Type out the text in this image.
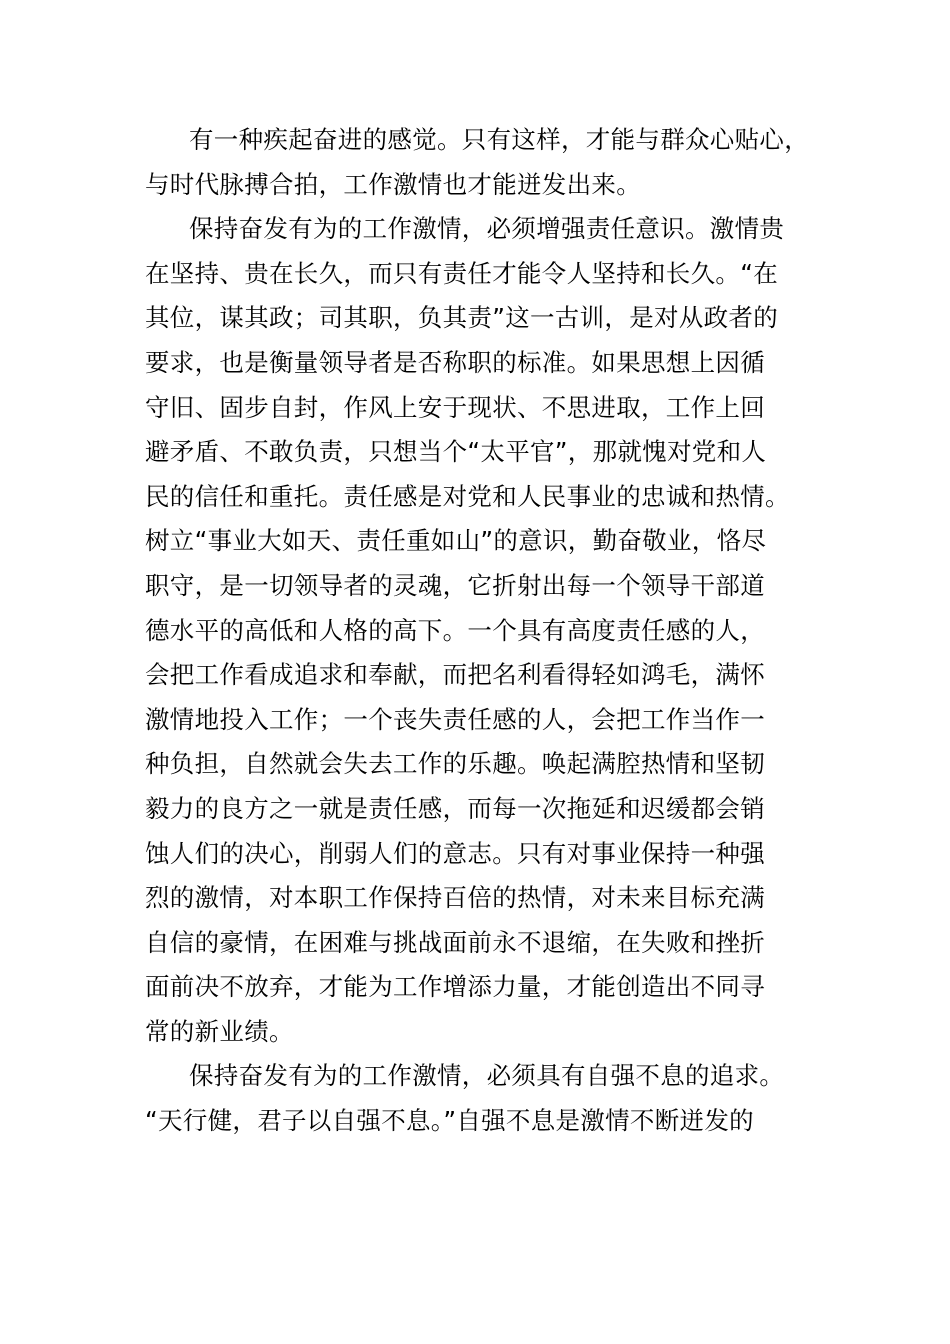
有一种疾起奋进的感觉。只有这样，才能与群众心贴心，
与时代脉搏合拍，工作激情也才能迸发出来。
保持奋发有为的工作激情，必须增强责任意识。激情贵
在坚持、贵在长久，而只有责任才能令人坚持和长久。“在
其位，谋其政；司其职，负其责”这一古训，是对从政者的
要求，也是衡量领导者是否称职的标准。如果思想上因循
守旧、固步自封，作风上安于现状、不思进取，工作上回
避矛盾、不敢负责，只想当个“太平官”，那就愧对党和人
民的信任和重托。责任感是对党和人民事业的忠诚和热情。
树立“事业大如天、责任重如山”的意识，勤奋敬业，恪尽
职守，是一切领导者的灵魂，它折射出每一个领导干部道
德水平的高低和人格的高下。一个具有高度责任感的人，
会把工作看成追求和奉献，而把名利看得轻如鸿毛，满怀
激情地投入工作；一个丧失责任感的人，会把工作当作一
种负担，自然就会失去工作的乐趣。唤起满腔热情和坚韧
毅力的良方之一就是责任感，而每一次拖延和迟缓都会销
蚀人们的决心，削弱人们的意志。只有对事业保持一种强
烈的激情，对本职工作保持百倍的热情，对未来目标充满
自信的豪情，在困难与挑战面前永不退缩，在失败和挫折
面前决不放弃，才能为工作增添力量，才能创造出不同寻
常的新业绩。
保持奋发有为的工作激情，必须具有自强不息的追求。
“天行健，君子以自强不息。”自强不息是激情不断迸发的
